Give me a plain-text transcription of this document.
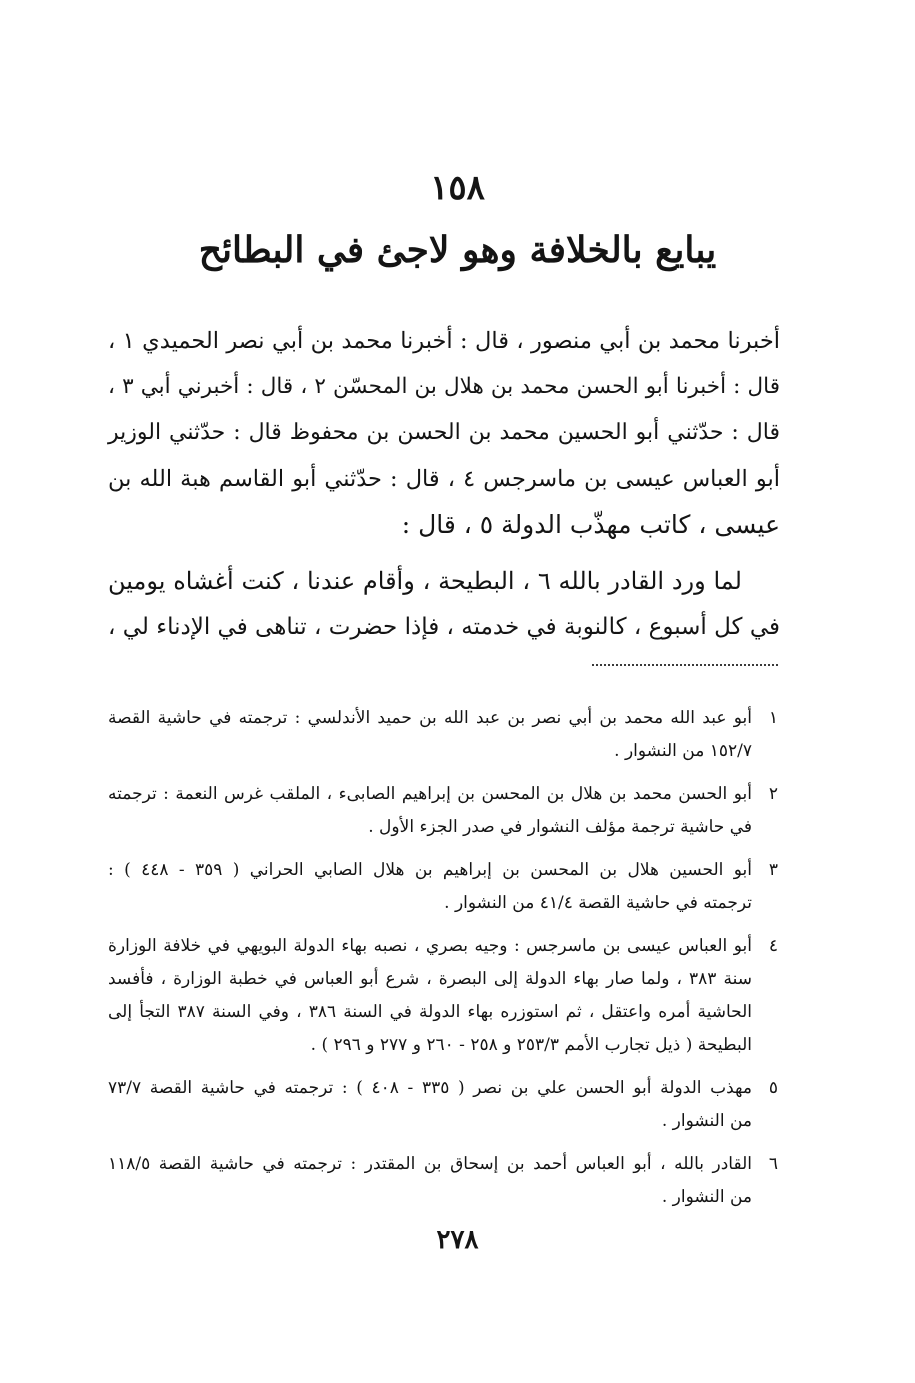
١٥٨
يبايع بالخلافة وهو لاجئ في البطائح
أخبرنا محمد بن أبي منصور ، قال : أخبرنا محمد بن أبي نصر الحميدي ١ ،
قال : أخبرنا أبو الحسن محمد بن هلال بن المحسّن ٢ ، قال : أخبرني أبي ٣ ،
قال : حدّثني أبو الحسين محمد بن الحسن بن محفوظ قال : حدّثني الوزير
أبو العباس عيسى بن ماسرجس ٤ ، قال : حدّثني أبو القاسم هبة الله بن
عيسى ، كاتب مهذّب الدولة ٥ ، قال :
لما ورد القادر بالله ٦ ، البطيحة ، وأقام عندنا ، كنت أغشاه يومين
في كل أسبوع ، كالنوبة في خدمته ، فإذا حضرت ، تناهى في الإدناء لي ،
١
أبو عبد الله محمد بن أبي نصر بن عبد الله بن حميد الأندلسي : ترجمته في حاشية القصة
١٥٢/٧ من النشوار .
٢
أبو الحسن محمد بن هلال بن المحسن بن إبراهيم الصابىء ، الملقب غرس النعمة : ترجمته
في حاشية ترجمة مؤلف النشوار في صدر الجزء الأول .
٣
أبو الحسين هلال بن المحسن بن إبراهيم بن هلال الصابي الحراني ( ٣٥٩ - ٤٤٨ ) :
ترجمته في حاشية القصة ٤١/٤ من النشوار .
٤
أبو العباس عيسى بن ماسرجس : وجيه بصري ، نصبه بهاء الدولة البويهي في خلافة الوزارة
سنة ٣٨٣ ، ولما صار بهاء الدولة إلى البصرة ، شرع أبو العباس في خطبة الوزارة ، فأفسد
الحاشية أمره واعتقل ، ثم استوزره بهاء الدولة في السنة ٣٨٦ ، وفي السنة ٣٨٧ التجأ إلى
البطيحة ( ذيل تجارب الأمم ٢٥٣/٣ و ٢٥٨ - ٢٦٠ و ٢٧٧ و ٢٩٦ ) .
٥
مهذب الدولة أبو الحسن علي بن نصر ( ٣٣٥ - ٤٠٨ ) : ترجمته في حاشية القصة ٧٣/٧
من النشوار .
٦
القادر بالله ، أبو العباس أحمد بن إسحاق بن المقتدر : ترجمته في حاشية القصة ١١٨/٥
من النشوار .
٢٧٨
